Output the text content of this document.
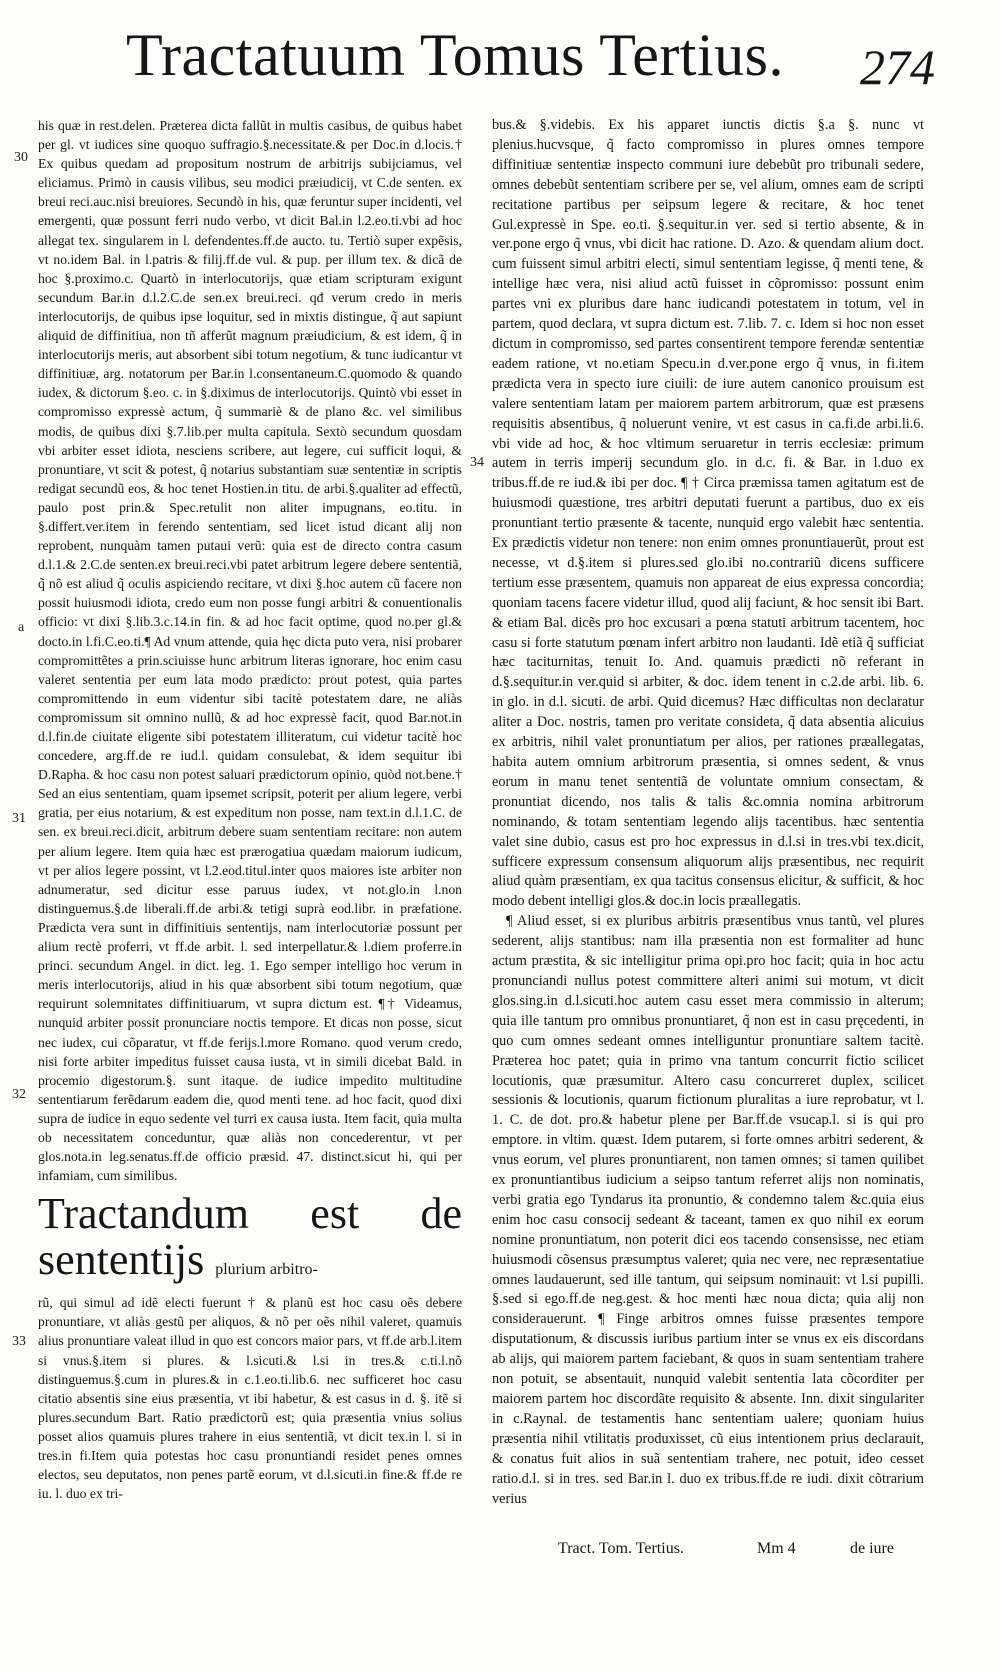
Tractatuum Tomus Tertius.	274
30
a
31
32
33
34

his quæ in rest.delen. Præterea dicta fallũt in multis casibus, de quibus habet per gl. vt iudices sine quoquo suffragio.§.necessitate.& per Doc.in d.locis.† Ex quibus quedam ad propositum nostrum de arbitrijs subijciamus, vel eliciamus. Primò in causis vilibus, seu modici præiudicij, vt C.de senten. ex breui reci.auc.nisi breuiores. Secundò in his, quæ feruntur super incidenti, vel emergenti, quæ possunt ferri nudo verbo, vt dicit Bal.in l.2.eo.ti.vbi ad hoc allegat tex. singularem in l. defendentes.ff.de aucto. tu. Tertiò super expẽsis, vt no.idem Bal. in l.patris & filij.ff.de vul. & pup. per illum tex. & dicã de hoc §.proximo.c. Quartò in interlocutorijs, quæ etiam scripturam exigunt secundum Bar.in d.l.2.C.de sen.ex breui.reci. qđ verum credo in meris interlocutorijs, de quibus ipse loquitur, sed in mixtis distingue, q̃ aut sapiunt aliquid de diffinitiua, non tñ afferũt magnum præiudicium, & est idem, q̃ in interlocutorijs meris, aut absorbent sibi totum negotium, & tunc iudicantur vt diffinitiuæ, arg. notatorum per Bar.in l.consentaneum.C.quomodo & quando iudex, & dictorum §.eo. c. in §.diximus de interlocutorijs. Quintò vbi esset in compromisso expressè actum, q̃ summariè & de plano &c. vel similibus modis, de quibus dixi §.7.lib.per multa capitula. Sextò secundum quosdam vbi arbiter esset idiota, nesciens scribere, aut legere, cui sufficit loqui, & pronuntiare, vt scit & potest, q̃ notarius substantiam suæ sententiæ in scriptis redigat secundũ eos, & hoc tenet Hostien.in titu. de arbi.§.qualiter ad effectũ, paulo post prin.& Spec.retulit non aliter impugnans, eo.titu. in §.differt.ver.item in ferendo sententiam, sed licet istud dicant alij non reprobent, nunquàm tamen putaui verũ: quia est de directo contra casum d.l.1.& 2.C.de senten.ex breui.reci.vbi patet arbitrum legere debere sententiã, q̃ nõ est aliud q̃ oculis aspiciendo recitare, vt dixi §.hoc autem cũ facere non possit huiusmodi idiota, credo eum non posse fungi arbitri & conuentionalis officio: vt dixi §.lib.3.c.14.in fin. & ad hoc facit optime, quod no.per gl.& docto.in l.fi.C.eo.ti.¶ Ad vnum attende, quia hęc dicta puto vera, nisi probarer compromittẽtes a prin.sciuisse hunc arbitrum literas ignorare, hoc enim casu valeret sententia per eum lata modo prædicto: prout potest, quia partes compromittendo in eum videntur sibi tacitè potestatem dare, ne aliàs compromissum sit omnino nullũ, & ad hoc expressè facit, quod Bar.not.in d.l.fin.de ciuitate eligente sibi potestatem illiteratum, cui videtur tacitè hoc concedere, arg.ff.de re iud.l. quidam consulebat, & idem sequitur ibi D.Rapha. & hoc casu non potest saluari prædictorum opinio, quòd not.bene.† Sed an eius sententiam, quam ipsemet scripsit, poterit per alium legere, verbi gratia, per eius notarium, & est expeditum non posse, nam text.in d.l.1.C. de sen. ex breui.reci.dicit, arbitrum debere suam sententiam recitare: non autem per alium legere. Item quia hæc est prærogatiua quædam maiorum iudicum, vt per alios legere possint, vt l.2.eod.titul.inter quos maiores iste arbiter non adnumeratur, sed dicitur esse paruus iudex, vt not.glo.in l.non distinguemus.§.de liberali.ff.de arbi.& tetigi suprà eod.libr. in præfatione. Prædicta vera sunt in diffinitiuis sententijs, nam interlocutoriæ possunt per alium rectè proferri, vt ff.de arbit. l. sed interpellatur.& l.diem proferre.in princi. secundum Angel. in dict. leg. 1. Ego semper intelligo hoc verum in meris interlocutorijs, aliud in his quæ absorbent sibi totum negotium, quæ requirunt solemnitates diffinitiuarum, vt supra dictum est. ¶† Videamus, nunquid arbiter possit pronunciare noctis tempore. Et dicas non posse, sicut nec iudex, cui cõparatur, vt ff.de ferijs.l.more Romano. quod verum credo, nisi forte arbiter impeditus fuisset causa iusta, vt in simili dicebat Bald. in procemio digestorum.§. sunt itaque. de iudice impedito multitudine sententiarum ferẽdarum eadem die, quod menti tene. ad hoc facit, quod dixi supra de iudice in equo sedente vel turri ex causa iusta. Item facit, quia multa ob necessitatem conceduntur, quæ aliàs non concederentur, vt per glos.nota.in leg.senatus.ff.de officio præsid. 47. distinct.sicut hi, qui per infamiam, cum similibus.

Tractandum est de sententijs plurium arbitro-

rũ, qui simul ad idẽ electi fuerunt † & planũ est hoc casu oẽs debere pronuntiare, vt aliàs gestũ per aliquos, & nõ per oẽs nihil valeret, quamuis alius pronuntiare valeat illud in quo est concors maior pars, vt ff.de arb.l.item si vnus.§.item si plures. & l.sicuti.& l.si in tres.& c.ti.l.nõ distinguemus.§.cum in plures.& in c.1.eo.ti.lib.6. nec sufficeret hoc casu citatio absentis sine eius præsentia, vt ibi habetur, & est casus in d. §. itẽ si plures.secundum Bart. Ratio prædictorũ est; quia præsentia vnius solius posset alios quamuis plures trahere in eius sententiã, vt dicit tex.in l. si in tres.in fi.Item quia potestas hoc casu pronuntiandi residet penes omnes electos, seu deputatos, non penes partẽ eorum, vt d.l.sicuti.in fine.& ff.de re iu. l. duo ex tri-

bus.& §.videbis. Ex his apparet iunctis dictis §.a §. nunc vt plenius.hucvsque, q̃ facto compromisso in plures omnes tempore diffinitiuæ sententiæ inspecto communi iure debebũt pro tribunali sedere, omnes debebũt sententiam scribere per se, vel alium, omnes eam de scripti recitatione partibus per seipsum legere & recitare, & hoc tenet Gul.expressè in Spe. eo.ti. §.sequitur.in ver. sed si tertio absente, & in ver.pone ergo q̃ vnus, vbi dicit hac ratione. D. Azo. & quendam alium doct. cum fuissent simul arbitri electi, simul sententiam legisse, q̃ menti tene, & intellige hæc vera, nisi aliud actũ fuisset in cõpromisso: possunt enim partes vni ex pluribus dare hanc iudicandi potestatem in totum, vel in partem, quod declara, vt supra dictum est. 7.lib. 7. c. Idem si hoc non esset dictum in compromisso, sed partes consentirent tempore ferendæ sententiæ eadem ratione, vt no.etiam Specu.in d.ver.pone ergo q̃ vnus, in fi.item prædicta vera in specto iure ciuili: de iure autem canonico prouisum est valere sententiam latam per maiorem partem arbitrorum, quæ est præsens requisitis absentibus, q̃ noluerunt venire, vt est casus in ca.fi.de arbi.li.6. vbi vide ad hoc, & hoc vltimum seruaretur in terris ecclesiæ: primum autem in terris imperij secundum glo. in d.c. fi. & Bar. in l.duo ex tribus.ff.de re iud.& ibi per doc. ¶ † Circa præmissa tamen agitatum est de huiusmodi quæstione, tres arbitri deputati fuerunt a partibus, duo ex eis pronuntiant tertio præsente & tacente, nunquid ergo valebit hæc sententia. Ex prædictis videtur non tenere: non enim omnes pronuntiauerũt, prout est necesse, vt d.§.item si plures.sed glo.ibi no.contrariũ dicens sufficere tertium esse præsentem, quamuis non appareat de eius expressa concordia; quoniam tacens facere videtur illud, quod alij faciunt, & hoc sensit ibi Bart. & etiam Bal. dicẽs pro hoc excusari a pœna statuti arbitrum tacentem, hoc casu si forte statutum pœnam infert arbitro non laudanti. Idẽ etiã q̃ sufficiat hæc taciturnitas, tenuit Io. And. quamuis prædicti nõ referant in d.§.sequitur.in ver.quid si arbiter, & doc. idem tenent in c.2.de arbi. lib. 6. in glo. in d.l. sicuti. de arbi. Quid dicemus? Hæc difficultas non declaratur aliter a Doc. nostris, tamen pro veritate consideta, q̃ data absentia alicuius ex arbitris, nihil valet pronuntiatum per alios, per rationes præallegatas, habita autem omnium arbitrorum præsentia, si omnes sedent, & vnus eorum in manu tenet sententiã de voluntate omnium consectam, & pronuntiat dicendo, nos talis & talis &c.omnia nomina arbitrorum nominando, & totam sententiam legendo alijs tacentibus. hæc sententia valet sine dubio, casus est pro hoc expressus in d.l.si in tres.vbi tex.dicit, sufficere expressum consensum aliquorum alijs præsentibus, nec requirit aliud quàm præsentiam, ex qua tacitus consensus elicitur, & sufficit, & hoc modo debent intelligi glos.& doc.in locis præallegatis.

¶ Aliud esset, si ex pluribus arbitris præsentibus vnus tantũ, vel plures sederent, alijs stantibus: nam illa præsentia non est formaliter ad hunc actum præstita, & sic intelligitur prima opi.pro hoc facit; quia in hoc actu pronunciandi nullus potest committere alteri animi sui motum, vt dicit glos.sing.in d.l.sicuti.hoc autem casu esset mera commissio in alterum; quia ille tantum pro omnibus pronuntiaret, q̃ non est in casu pręcedenti, in quo cum omnes sedeant omnes intelliguntur pronuntiare saltem tacitè. Præterea hoc patet; quia in primo vna tantum concurrit fictio scilicet locutionis, quæ præsumitur. Altero casu concurreret duplex, scilicet sessionis & locutionis, quarum fictionum pluralitas a iure reprobatur, vt l. 1. C. de dot. pro.& habetur plene per Bar.ff.de vsucap.l. si is qui pro emptore. in vltim. quæst. Idem putarem, si forte omnes arbitri sederent, & vnus eorum, vel plures pronuntiarent, non tamen omnes; si tamen quilibet ex pronuntiantibus iudicium a seipso tantum referret alijs non nominatis, verbi gratia ego Tyndarus ita pronuntio, & condemno talem &c.quia eius enim hoc casu consocij sedeant & taceant, tamen ex quo nihil ex eorum nomine pronuntiatum, non poterit dici eos tacendo consensisse, nec etiam huiusmodi cõsensus præsumptus valeret; quia nec vere, nec repræsentatiue omnes laudauerunt, sed ille tantum, qui seipsum nominauit: vt l.si pupilli. §.sed si ego.ff.de neg.gest. & hoc menti hæc noua dicta; quia alij non considerauerunt. ¶ Finge arbitros omnes fuisse præsentes tempore disputationum, & discussis iuribus partium inter se vnus ex eis discordans ab alijs, qui maiorem partem faciebant, & quos in suam sententiam trahere non potuit, se absentauit, nunquid valebit sententia lata cõcorditer per maiorem partem hoc discordãte requisito & absente. Inn. dixit singulariter in c.Raynal. de testamentis hanc sententiam ualere; quoniam huius præsentia nihil vtilitatis produxisset, cũ eius intentionem prius declarauit, & conatus fuit alios in suã sententiam trahere, nec potuit, ideo cesset ratio.d.l. si in tres. sed Bar.in l. duo ex tribus.ff.de re iudi. dixit cõtrarium verius

Tract. Tom. Tertius.	Mm 4	de iure
